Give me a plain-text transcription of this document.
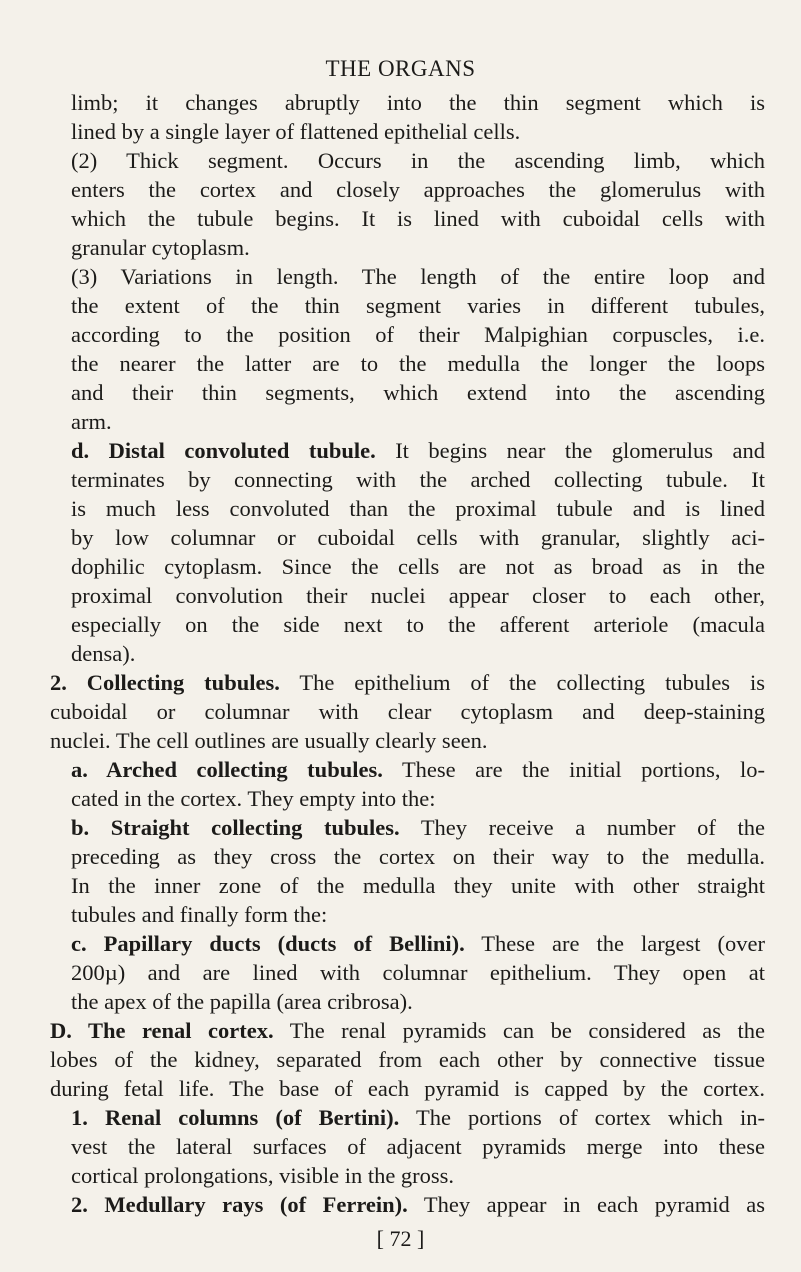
THE ORGANS
limb; it changes abruptly into the thin segment which is
lined by a single layer of flattened epithelial cells.
(2) Thick segment. Occurs in the ascending limb, which
enters the cortex and closely approaches the glomerulus with
which the tubule begins. It is lined with cuboidal cells with
granular cytoplasm.
(3) Variations in length. The length of the entire loop and
the extent of the thin segment varies in different tubules,
according to the position of their Malpighian corpuscles, i.e.
the nearer the latter are to the medulla the longer the loops
and their thin segments, which extend into the ascending
arm.
d. Distal convoluted tubule. It begins near the glomerulus and
terminates by connecting with the arched collecting tubule. It
is much less convoluted than the proximal tubule and is lined
by low columnar or cuboidal cells with granular, slightly aci-
dophilic cytoplasm. Since the cells are not as broad as in the
proximal convolution their nuclei appear closer to each other,
especially on the side next to the afferent arteriole (macula
densa).
2. Collecting tubules. The epithelium of the collecting tubules is
cuboidal or columnar with clear cytoplasm and deep-staining
nuclei. The cell outlines are usually clearly seen.
a. Arched collecting tubules. These are the initial portions, lo-
cated in the cortex. They empty into the:
b. Straight collecting tubules. They receive a number of the
preceding as they cross the cortex on their way to the medulla.
In the inner zone of the medulla they unite with other straight
tubules and finally form the:
c. Papillary ducts (ducts of Bellini). These are the largest (over
200µ) and are lined with columnar epithelium. They open at
the apex of the papilla (area cribrosa).
D. The renal cortex. The renal pyramids can be considered as the
lobes of the kidney, separated from each other by connective tissue
during fetal life. The base of each pyramid is capped by the cortex.
1. Renal columns (of Bertini). The portions of cortex which in-
vest the lateral surfaces of adjacent pyramids merge into these
cortical prolongations, visible in the gross.
2. Medullary rays (of Ferrein). They appear in each pyramid as
[ 72 ]
